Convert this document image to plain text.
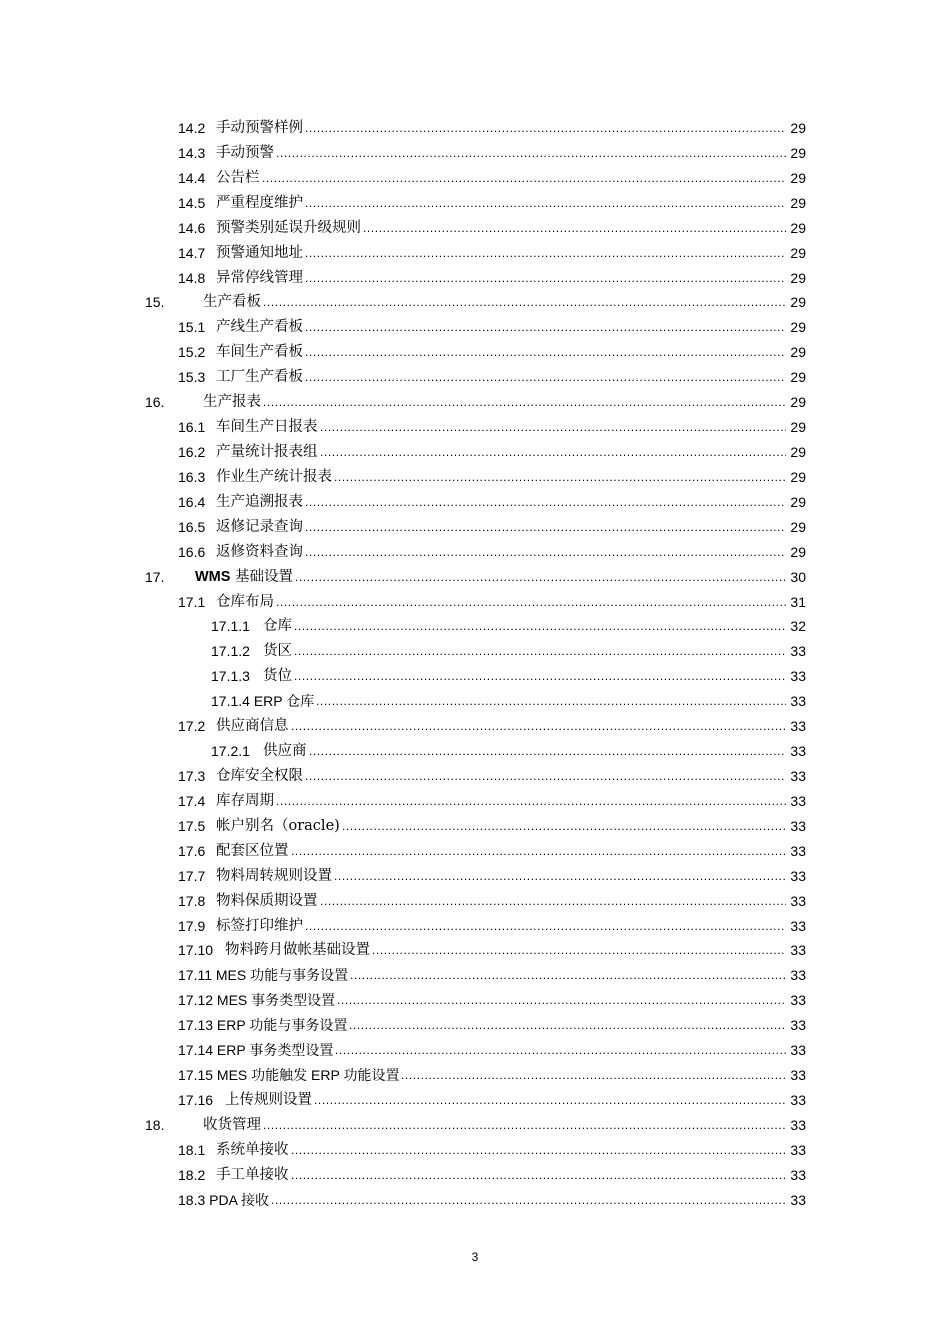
14.2 手动预警样例 .....	29
14.3 手动预警 .....	29
14.4 公告栏 .....	29
14.5 严重程度维护 .....	29
14.6 预警类别延误升级规则 .....	29
14.7 预警通知地址 .....	29
14.8 异常停线管理 .....	29
15.	生产看板 .....	29
15.1 产线生产看板 .....	29
15.2 车间生产看板 .....	29
15.3 工厂生产看板 .....	29
16.	生产报表 .....	29
16.1 车间生产日报表 .....	29
16.2 产量统计报表组 .....	29
16.3 作业生产统计报表 .....	29
16.4 生产追溯报表 .....	29
16.5 返修记录查询 .....	29
16.6 返修资料查询 .....	29
17. WMS 基础设置 .....	30
17.1 仓库布局 .....	31
17.1.1 仓库 .....	32
17.1.2 货区 .....	33
17.1.3 货位 .....	33
17.1.4 ERP 仓库 .....	33
17.2 供应商信息 .....	33
17.2.1 供应商 .....	33
17.3 仓库安全权限 .....	33
17.4 库存周期 .....	33
17.5 帐户别名（oracle) .....	33
17.6 配套区位置 .....	33
17.7 物料周转规则设置 .....	33
17.8 物料保质期设置 .....	33
17.9 标签打印维护 .....	33
17.10 物料跨月做帐基础设置 .....	33
17.11 MES 功能与事务设置 .....	33
17.12 MES 事务类型设置 .....	33
17.13 ERP 功能与事务设置 .....	33
17.14 ERP 事务类型设置 .....	33
17.15 MES 功能触发 ERP 功能设置 .....	33
17.16 上传规则设置 .....	33
18.	收货管理 .....	33
18.1 系统单接收 .....	33
18.2 手工单接收 .....	33
18.3 PDA 接收 .....	33
3
